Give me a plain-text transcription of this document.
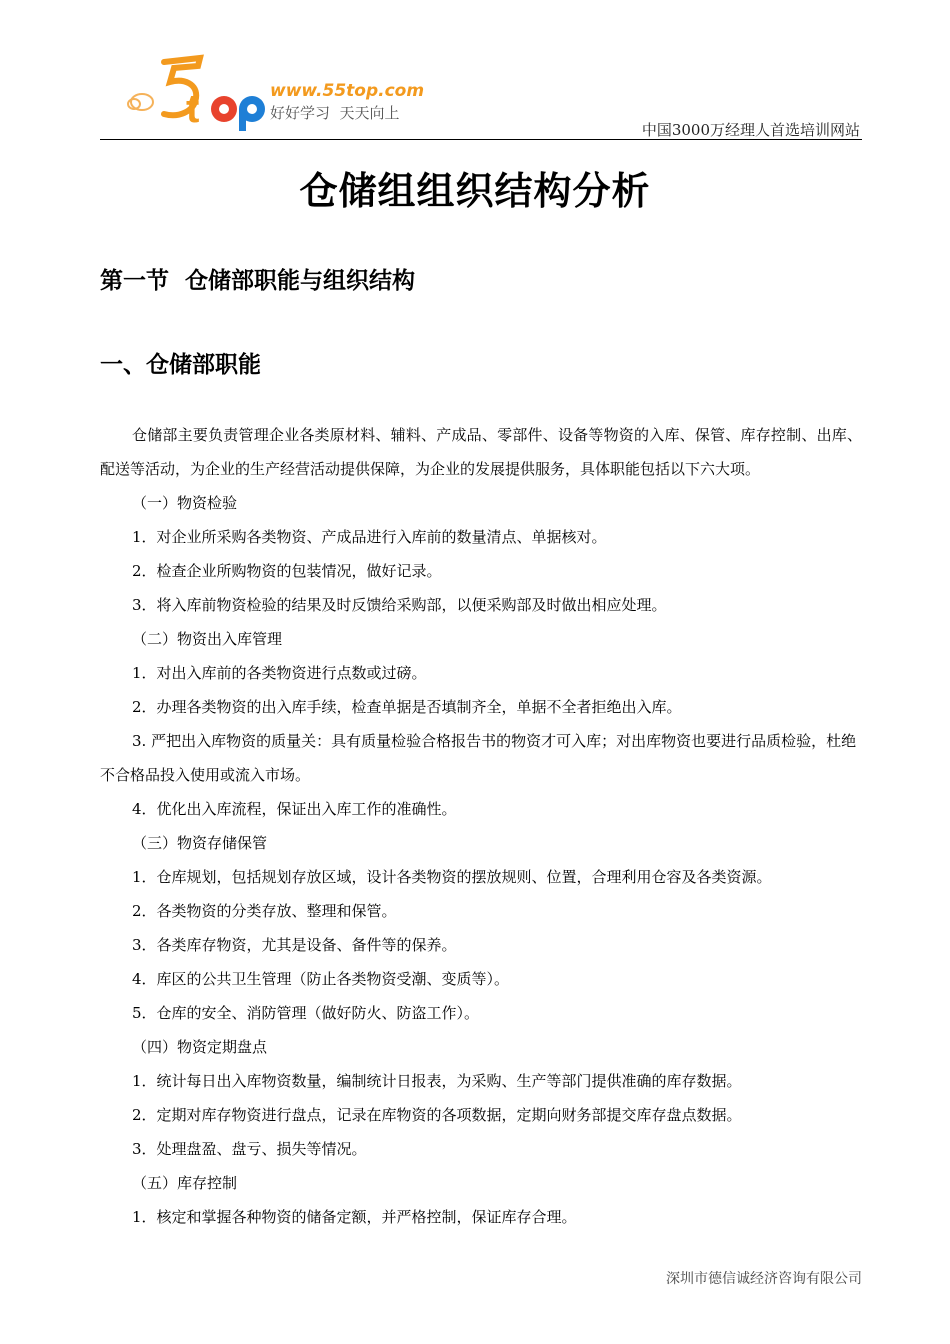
t	www.55top.com
好好学习  天天向上
中国3000万经理人首选培训网站
仓储组组织结构分析
第一节  仓储部职能与组织结构
一、仓储部职能

仓储部主要负责管理企业各类原材料、辅料、产成品、零部件、设备等物资的入库、保管、库存控制、出库、配送等活动，为企业的生产经营活动提供保障，为企业的发展提供服务，具体职能包括以下六大项。

（一）物资检验

1．对企业所采购各类物资、产成品进行入库前的数量清点、单据核对。

2．检查企业所购物资的包装情况，做好记录。

3．将入库前物资检验的结果及时反馈给采购部，以便采购部及时做出相应处理。

（二）物资出入库管理

1．对出入库前的各类物资进行点数或过磅。

2．办理各类物资的出入库手续，检查单据是否填制齐全，单据不全者拒绝出入库。

3. 严把出入库物资的质量关：具有质量检验合格报告书的物资才可入库；对出库物资也要进行品质检验，杜绝不合格品投入使用或流入市场。

4．优化出入库流程，保证出入库工作的准确性。

（三）物资存储保管

1．仓库规划，包括规划存放区域，设计各类物资的摆放规则、位置，合理利用仓容及各类资源。

2．各类物资的分类存放、整理和保管。

3．各类库存物资，尤其是设备、备件等的保养。

4．库区的公共卫生管理（防止各类物资受潮、变质等）。

5．仓库的安全、消防管理（做好防火、防盗工作）。

（四）物资定期盘点

1．统计每日出入库物资数量，编制统计日报表，为采购、生产等部门提供准确的库存数据。

2．定期对库存物资进行盘点，记录在库物资的各项数据，定期向财务部提交库存盘点数据。

3．处理盘盈、盘亏、损失等情况。

（五）库存控制

1．核定和掌握各种物资的储备定额，并严格控制，保证库存合理。

深圳市德信诚经济咨询有限公司
